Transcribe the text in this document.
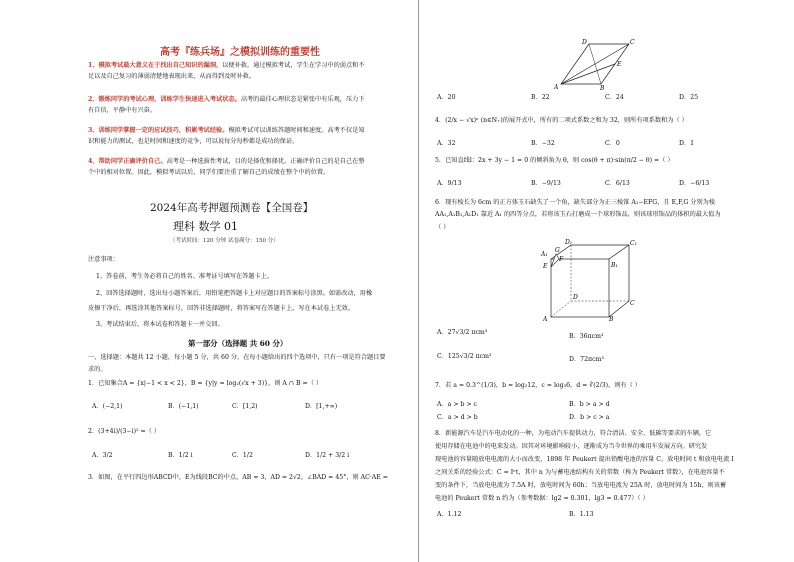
高考『练兵场』之模拟训练的重要性
1、模拟考试最大意义在于找出自己知识的漏洞，以便补救。通过模拟考试，学生在学习中的弱点和不
足以及自己复习的薄弱清楚地表现出来，从而得到及时补救。
2、锻炼同学的考试心理，训练学生快速进入考试状态。高考的最佳心理状态是紧张中有乐观，压力下
有自信，平静中有兴奋。
3、训练同学掌握一定的应试技巧，积累考试经验。模拟考试可以训练答题时间和速度。高考不仅是知
识和能力的测试，也是时间和速度的竞争，可以说每分每秒都是成功的保证。
4、帮助同学正确评价自己。高考是一种选拔性考试，目的是择优和择优。正确评价自己的是自己在整
个中的相对位置。因此，模拟考试以后，同学们要注重了解自己的成绩在整个中的位置。
2024年高考押题预测卷【全国卷】
理科 数学 01
（考试时间：120 分钟 试卷满分：150 分）
注意事项：
1、答卷前，考生务必将自己的姓名、准考证号填写在答题卡上。
2、回答选择题时，选出每小题答案后，用铅笔把答题卡上对应题目的答案标号涂黑。如需改动，用橡
皮擦干净后，再选涂其他答案标号。回答非选择题时，将答案写在答题卡上，写在本试卷上无效。
3、考试结束后，将本试卷和答题卡一并交回。
第一部分（选择题 共 60 分）
一、选择题：本题共 12 小题，每小题 5 分，共 60 分。在每小题给出的四个选项中，只有一项是符合题目要
求的。
1．已知集合A = {x|−1 < x < 2}，B = {y|y = log₂(√x + 3)}，则 A ∩ B =（ ）
A．(−2,1)	B．(−1,1)	C．[1,2)	D．[1,+∞)
2．(3+4i)/(3−i)² =（ ）
A．3/2	B．1/2 i	C．1/2	D．1/2 + 3/2 i
3．如图，在平行四边形ABCD中，E为线段BC的中点，AB = 3，AD = 2√2，∠BAD = 45°，则 AC·AE =
D	C
A	B
E
A．20	B．22	C．24	D．25
4．(2/x − √x)ⁿ (n∈N₊)的展开式中，所有的二项式系数之和为 32，则所有项系数和为（ ）
A．32	B．−32	C．0	D．1
5．已知直线l：2x + 3y − 1 = 0 的倾斜角为 θ，则 cos(θ + π)·sin(π/2 − θ) =（ ）
A．9/13	B．−9/13	C．6/13	D．−6/13
6．现有棱长为 6cm 的正方体玉石缺失了一个角，缺失部分为正三棱锥 A₁−EFG，且 E,F,G 分别为棱
AA₁,A₁B₁,A₁D₁ 靠近 A₁ 的四等分点，若将该玉石打磨成一个球形饰品，则该球形饰品的体积的最大值为
（ ）
D₁	C₁
A₁
B₁
E
F
G
D
C
A	B
A．27√3/2 πcm³
B．36πcm³
C．125√3/2 πcm³	D．72πcm³
7．若 a = 0.3^(1/3)，b = log₂12，c = log₃6，d = ∛(2/3)，则有（ ）
A．a > b > c	B．b > a > d
C．a > d > b	D．b > c > a
8．新能源汽车是汽车电动化的一种，为电动汽车提供动力，符合清洁、安全、低碳等要求的车辆。它
使用存储在电池中的电来发动。因其对环境影响较小，逐渐成为当今世界的乘用车发展方向。研究发
现电池的容量随放电电流的大小而改变，1898 年 Peukert 提出铅酸电池的容量 C，放电时间 t 和放电电流 I
之间关系的经验公式：C = Iⁿt，其中 n 为与蓄电池结构有关的常数（称为 Peukert 常数），在电池容量不
变的条件下，当放电电流为 7.5A 时，放电时间为 60h；当放电电流为 25A 时，放电时间为 15h，则该蓄
电池的 Peukert 常数 n 约为（参考数据：lg2 ≈ 0.301，lg3 ≈ 0.477）（ ）
A．1.12	B．1.13
